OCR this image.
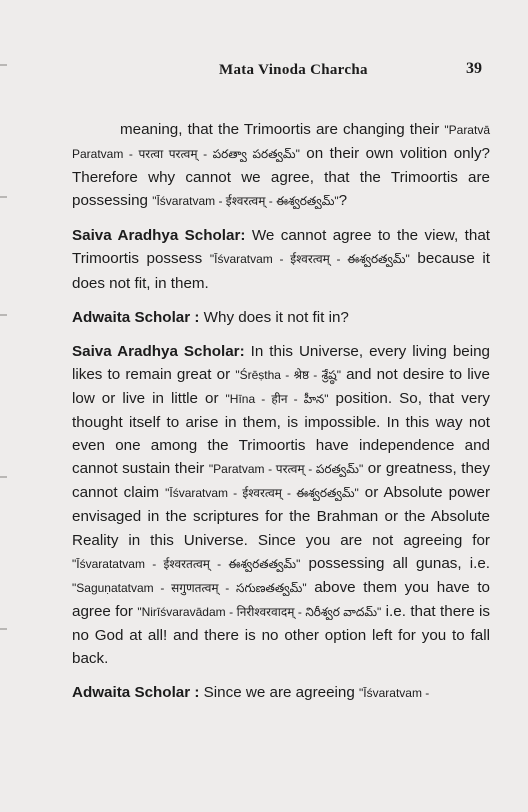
Mata Vinoda Charcha	39

meaning, that the Trimoortis are changing their "Paratvā Paratvam - परत्वा परत्वम् - పరత్వా పరత్వమ్" on their own volition only? Therefore why cannot we agree, that the Trimoortis are possessing "Īśvaratvam - ईश्वरत्वम् - ఈశ్వరత్వమ్"?

Saiva Aradhya Scholar: We cannot agree to the view, that Trimoortis possess "Īśvaratvam - ईश्वरत्वम् - ఈశ్వరత్వమ్" because it does not fit, in them.

Adwaita Scholar : Why does it not fit in?

Saiva Aradhya Scholar: In this Universe, every living being likes to remain great or "Śrēṣtha - श्रेष्ठ - శ్రేష్ఠ" and not desire to live low or live in little or "Hīna - हीन - హీన" position. So, that very thought itself to arise in them, is impossible. In this way not even one among the Trimoortis have independence and cannot sustain their "Paratvam - परत्वम् - పరత్వమ్" or greatness, they cannot claim "Īśvaratvam - ईश्वरत्वम् - ఈశ్వరత్వమ్" or Absolute power envisaged in the scriptures for the Brahman or the Absolute Reality in this Universe. Since you are not agreeing for "Īśvaratatvam - ईश्वरतत्वम् - ఈశ్వరతత్వమ్" possessing all gunas, i.e. "Saguṇatatvam - सगुणतत्वम् - సగుణతత్వమ్" above them you have to agree for "Nirīśvaravādam - निरीश्वरवादम् - నిరీశ్వర వాదమ్" i.e. that there is no God at all! and there is no other option left for you to fall back.

Adwaita Scholar : Since we are agreeing "Īśvaratvam -
